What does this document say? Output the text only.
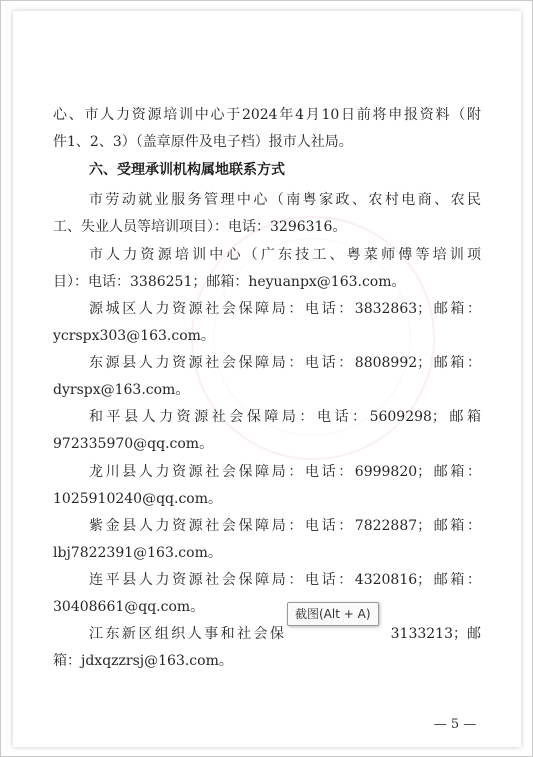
心、市人力资源培训中心于2024年4月10日前将申报资料（附
件1、2、3）（盖章原件及电子档）报市人社局。
六、受理承训机构属地联系方式
市劳动就业服务管理中心（南粤家政、农村电商、农民
工、失业人员等培训项目）：电话：3296316。
市人力资源培训中心（广东技工、粤菜师傅等培训项
目）：电话：3386251；邮箱：heyuanpx@163.com。
源城区人力资源社会保障局：电话：3832863；邮箱：
ycrspx303@163.com。
东源县人力资源社会保障局：电话：8808992；邮箱：
dyrspx@163.com。
和平县人力资源社会保障局：电话：5609298；邮箱
972335970@qq.com。
龙川县人力资源社会保障局：电话：6999820；邮箱：
1025910240@qq.com。
紫金县人力资源社会保障局：电话：7822887；邮箱：
lbj7822391@163.com。
连平县人力资源社会保障局：电话：4320816；邮箱：
30408661@qq.com。
江东新区组织人事和社会保	3133213；邮
箱：jdxqzzrsj@163.com。
— 5 —
截图(Alt + A)
